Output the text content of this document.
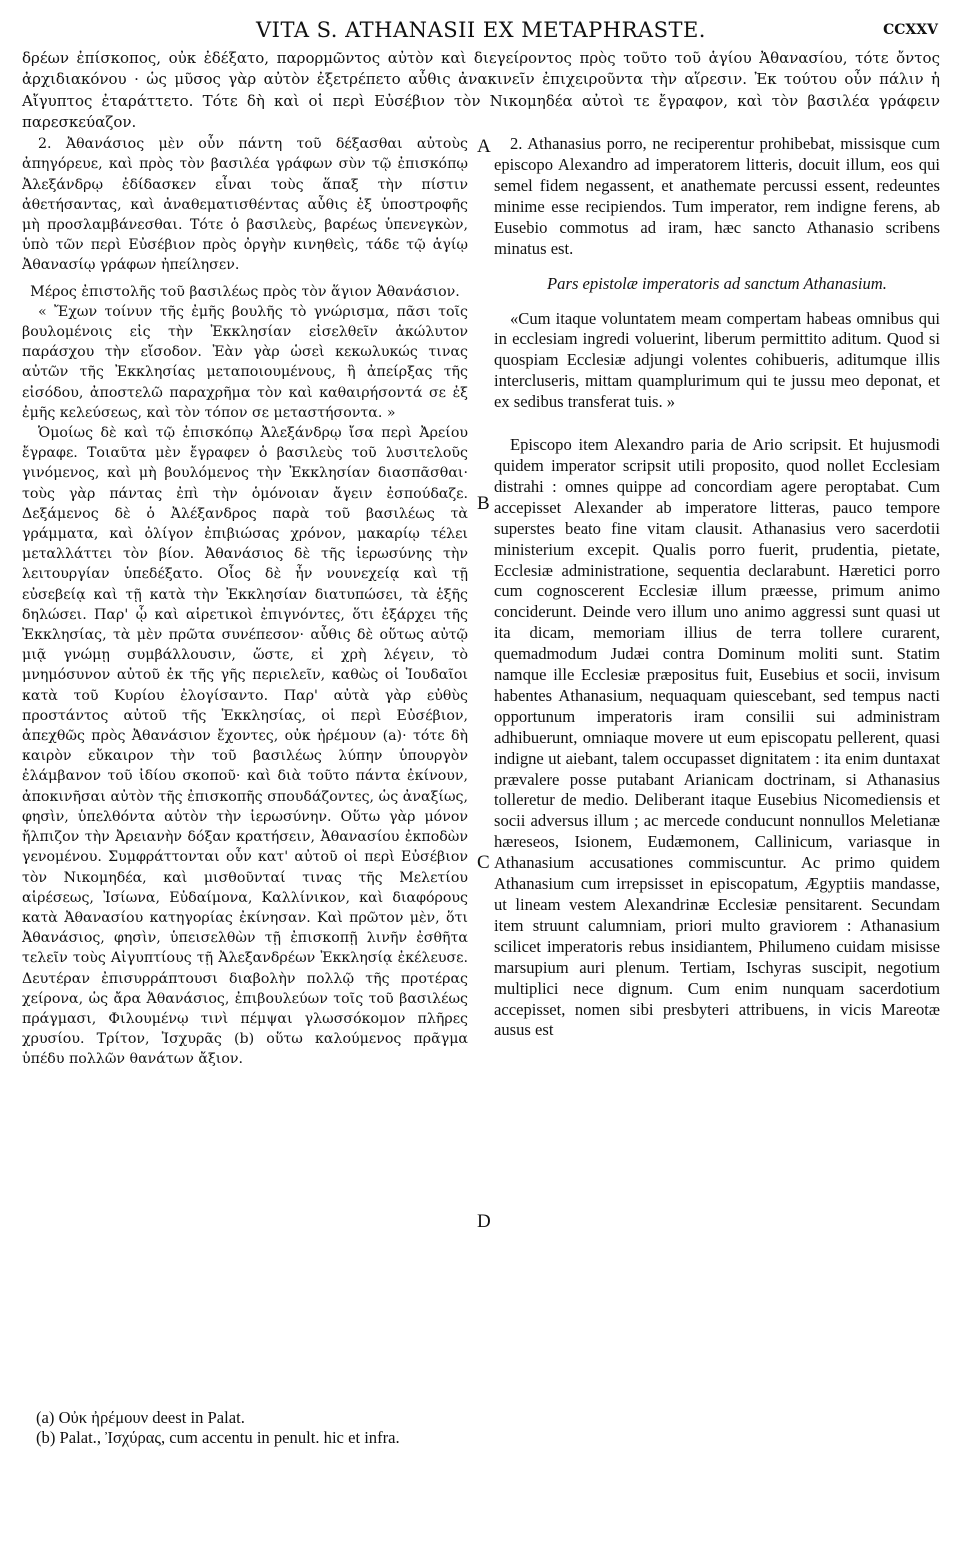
VITA S. ATHANASII EX METAPHRASTE.	CCXXV

δρέων ἐπίσκοπος, οὐκ ἐδέξατο, παρορμῶντος αὐτὸν καὶ διεγείροντος πρὸς τοῦτο τοῦ ἁγίου Ἀθανασίου, τότε ὄντος ἀρχιδιακόνου · ὡς μῦσος γὰρ αὐτὸν ἐξετρέπετο αὖθις ἀνακινεῖν ἐπιχειροῦντα τὴν αἵρεσιν. Ἐκ τούτου οὖν πάλιν ἡ Αἴγυπτος ἐταράττετο. Τότε δὴ καὶ οἱ περὶ Εὐσέβιον τὸν Νικομηδέα αὐτοὶ τε ἔγραφον, καὶ τὸν βασιλέα γράφειν παρεσκεύαζον.

2. Ἀθανάσιος μὲν οὖν πάντη τοῦ δέξασθαι αὐτοὺς ἀπηγόρευε, καὶ πρὸς τὸν βασιλέα γράφων σὺν τῷ ἐπισκόπῳ Ἀλεξάνδρῳ ἐδίδασκεν εἶναι τοὺς ἅπαξ τὴν πίστιν ἀθετήσαντας, καὶ ἀναθεματισθέντας αὖθις ἐξ ὑποστροφῆς μὴ προσλαμβάνεσθαι. Τότε ὁ βασιλεὺς, βαρέως ὑπενεγκὼν, ὑπὸ τῶν περὶ Εὐσέβιον πρὸς ὀργὴν κινηθεὶς, τάδε τῷ ἁγίῳ Ἀθανασίῳ γράφων ἠπείλησεν.

Μέρος ἐπιστολῆς τοῦ βασιλέως πρὸς τὸν ἅγιον Ἀθανάσιον.

« Ἔχων τοίνυν τῆς ἐμῆς βουλῆς τὸ γνώρισμα, πᾶσι τοῖς βουλομένοις εἰς τὴν Ἐκκλησίαν εἰσελθεῖν ἀκώλυτον παράσχου τὴν εἴσοδον. Ἐὰν γὰρ ὡσεὶ κεκωλυκώς τινας αὐτῶν τῆς Ἐκκλησίας μεταποιουμένους, ἢ ἀπείρξας τῆς εἰσόδου, ἀποστελῶ παραχρῆμα τὸν καὶ καθαιρήσοντά σε ἐξ ἐμῆς κελεύσεως, καὶ τὸν τόπον σε μεταστήσοντα. »

Ὁμοίως δὲ καὶ τῷ ἐπισκόπῳ Ἀλεξάνδρῳ ἴσα περὶ Ἀρείου ἔγραφε. Τοιαῦτα μὲν ἔγραφεν ὁ βασιλεὺς τοῦ λυσιτελοῦς γινόμενος, καὶ μὴ βουλόμενος τὴν Ἐκκλησίαν διασπᾶσθαι· τοὺς γὰρ πάντας ἐπὶ τὴν ὁμόνοιαν ἄγειν ἐσπούδαζε. Δεξάμενος δὲ ὁ Ἀλέξανδρος παρὰ τοῦ βασιλέως τὰ γράμματα, καὶ ὀλίγον ἐπιβιώσας χρόνον, μακαρίῳ τέλει μεταλλάττει τὸν βίον. Ἀθανάσιος δὲ τῆς ἱερωσύνης τὴν λειτουργίαν ὑπεδέξατο. Οἷος δὲ ἦν νουνεχείᾳ καὶ τῇ εὐσεβείᾳ καὶ τῇ κατὰ τὴν Ἐκκλησίαν διατυπώσει, τὰ ἑξῆς δηλώσει. Παρ' ᾧ καὶ αἱρετικοὶ ἐπιγνόντες, ὅτι ἐξάρχει τῆς Ἐκκλησίας, τὰ μὲν πρῶτα συνέπεσον· αὖθις δὲ οὕτως αὐτῷ μιᾷ γνώμῃ συμβάλλουσιν, ὥστε, εἰ χρὴ λέγειν, τὸ μνημόσυνον αὐτοῦ ἐκ τῆς γῆς περιελεῖν, καθὼς οἱ Ἰουδαῖοι κατὰ τοῦ Κυρίου ἐλογίσαντο. Παρ' αὐτὰ γὰρ εὐθὺς προστάντος αὐτοῦ τῆς Ἐκκλησίας, οἱ περὶ Εὐσέβιον, ἀπεχθῶς πρὸς Ἀθανάσιον ἔχοντες, οὐκ ἠρέμουν (a)· τότε δὴ καιρὸν εὔκαιρον τὴν τοῦ βασιλέως λύπην ὑπουργὸν ἐλάμβανον τοῦ ἰδίου σκοποῦ· καὶ διὰ τοῦτο πάντα ἐκίνουν, ἀποκινῆσαι αὐτὸν τῆς ἐπισκοπῆς σπουδάζοντες, ὡς ἀναξίως, φησὶν, ὑπελθόντα αὐτὸν τὴν ἱερωσύνην. Οὕτω γὰρ μόνον ἤλπιζον τὴν Ἀρειανὴν δόξαν κρατήσειν, Ἀθανασίου ἐκποδὼν γενομένου. Συμφράττονται οὖν κατ' αὐτοῦ οἱ περὶ Εὐσέβιον τὸν Νικομηδέα, καὶ μισθοῦνταί τινας τῆς Μελετίου αἱρέσεως, Ἰσίωνα, Εὐδαίμονα, Καλλίνικον, καὶ διαφόρους κατὰ Ἀθανασίου κατηγορίας ἐκίνησαν. Καὶ πρῶτον μὲν, ὅτι Ἀθανάσιος, φησὶν, ὑπεισελθὼν τῇ ἐπισκοπῇ λινῆν ἐσθῆτα τελεῖν τοὺς Αἰγυπτίους τῇ Ἀλεξανδρέων Ἐκκλησίᾳ ἐκέλευσε. Δευτέραν ἐπισυρράπτουσι διαβολὴν πολλῷ τῆς προτέρας χείρονα, ὡς ἄρα Ἀθανάσιος, ἐπιβουλεύων τοῖς τοῦ βασιλέως πράγμασι, Φιλουμένῳ τινὶ πέμψαι γλωσσόκομον πλῆρες χρυσίου. Τρίτον, Ἰσχυρᾶς (b) οὕτω καλούμενος πρᾶγμα ὑπέδυ πολλῶν θανάτων ἄξιον.

A
B
C
D

2. Athanasius porro, ne reciperentur prohibebat, missisque cum episcopo Alexandro ad imperatorem litteris, docuit illum, eos qui semel fidem negassent, et anathemate percussi essent, redeuntes minime esse recipiendos. Tum imperator, rem indigne ferens, ab Eusebio commotus ad iram, hæc sancto Athanasio scribens minatus est.

Pars epistolæ imperatoris ad sanctum Athanasium.

«Cum itaque voluntatem meam compertam habeas omnibus qui in ecclesiam ingredi voluerint, liberum permittito aditum. Quod si quospiam Ecclesiæ adjungi volentes cohibueris, aditumque illis intercluseris, mittam quamplurimum qui te jussu meo deponat, et ex sedibus transferat tuis. »

Episcopo item Alexandro paria de Ario scripsit. Et hujusmodi quidem imperator scripsit utili proposito, quod nollet Ecclesiam distrahi : omnes quippe ad concordiam agere peroptabat. Cum accepisset Alexander ab imperatore litteras, pauco tempore superstes beato fine vitam clausit. Athanasius vero sacerdotii ministerium excepit. Qualis porro fuerit, prudentia, pietate, Ecclesiæ administratione, sequentia declarabunt. Hæretici porro cum cognoscerent Ecclesiæ illum præesse, primum animo conciderunt. Deinde vero illum uno animo aggressi sunt quasi ut ita dicam, memoriam illius de terra tollere curarent, quemadmodum Judæi contra Dominum moliti sunt. Statim namque ille Ecclesiæ præpositus fuit, Eusebius et socii, invisum habentes Athanasium, nequaquam quiescebant, sed tempus nacti opportunum imperatoris iram consilii sui administram adhibuerunt, omniaque movere ut eum episcopatu pellerent, quasi indigne ut aiebant, talem occupasset dignitatem : ita enim duntaxat prævalere posse putabant Arianicam doctrinam, si Athanasius tolleretur de medio. Deliberant itaque Eusebius Nicomediensis et socii adversus illum ; ac mercede conducunt nonnullos Meletianæ hæreseos, Isionem, Eudæmonem, Callinicum, variasque in Athanasium accusationes commiscuntur. Ac primo quidem Athanasium cum irrepsisset in episcopatum, Ægyptiis mandasse, ut lineam vestem Alexandrinæ Ecclesiæ pensitarent. Secundam item struunt calumniam, priori multo graviorem : Athanasium scilicet imperatoris rebus insidiantem, Philumeno cuidam misisse marsupium auri plenum. Tertiam, Ischyras suscipit, negotium multiplici nece dignum. Cum enim nunquam sacerdotium accepisset, nomen sibi presbyteri attribuens, in vicis Mareotæ ausus est

(a) Οὐκ ἠρέμουν deest in Palat.

(b) Palat., Ἰσχύρας, cum accentu in penult. hic et infra.
